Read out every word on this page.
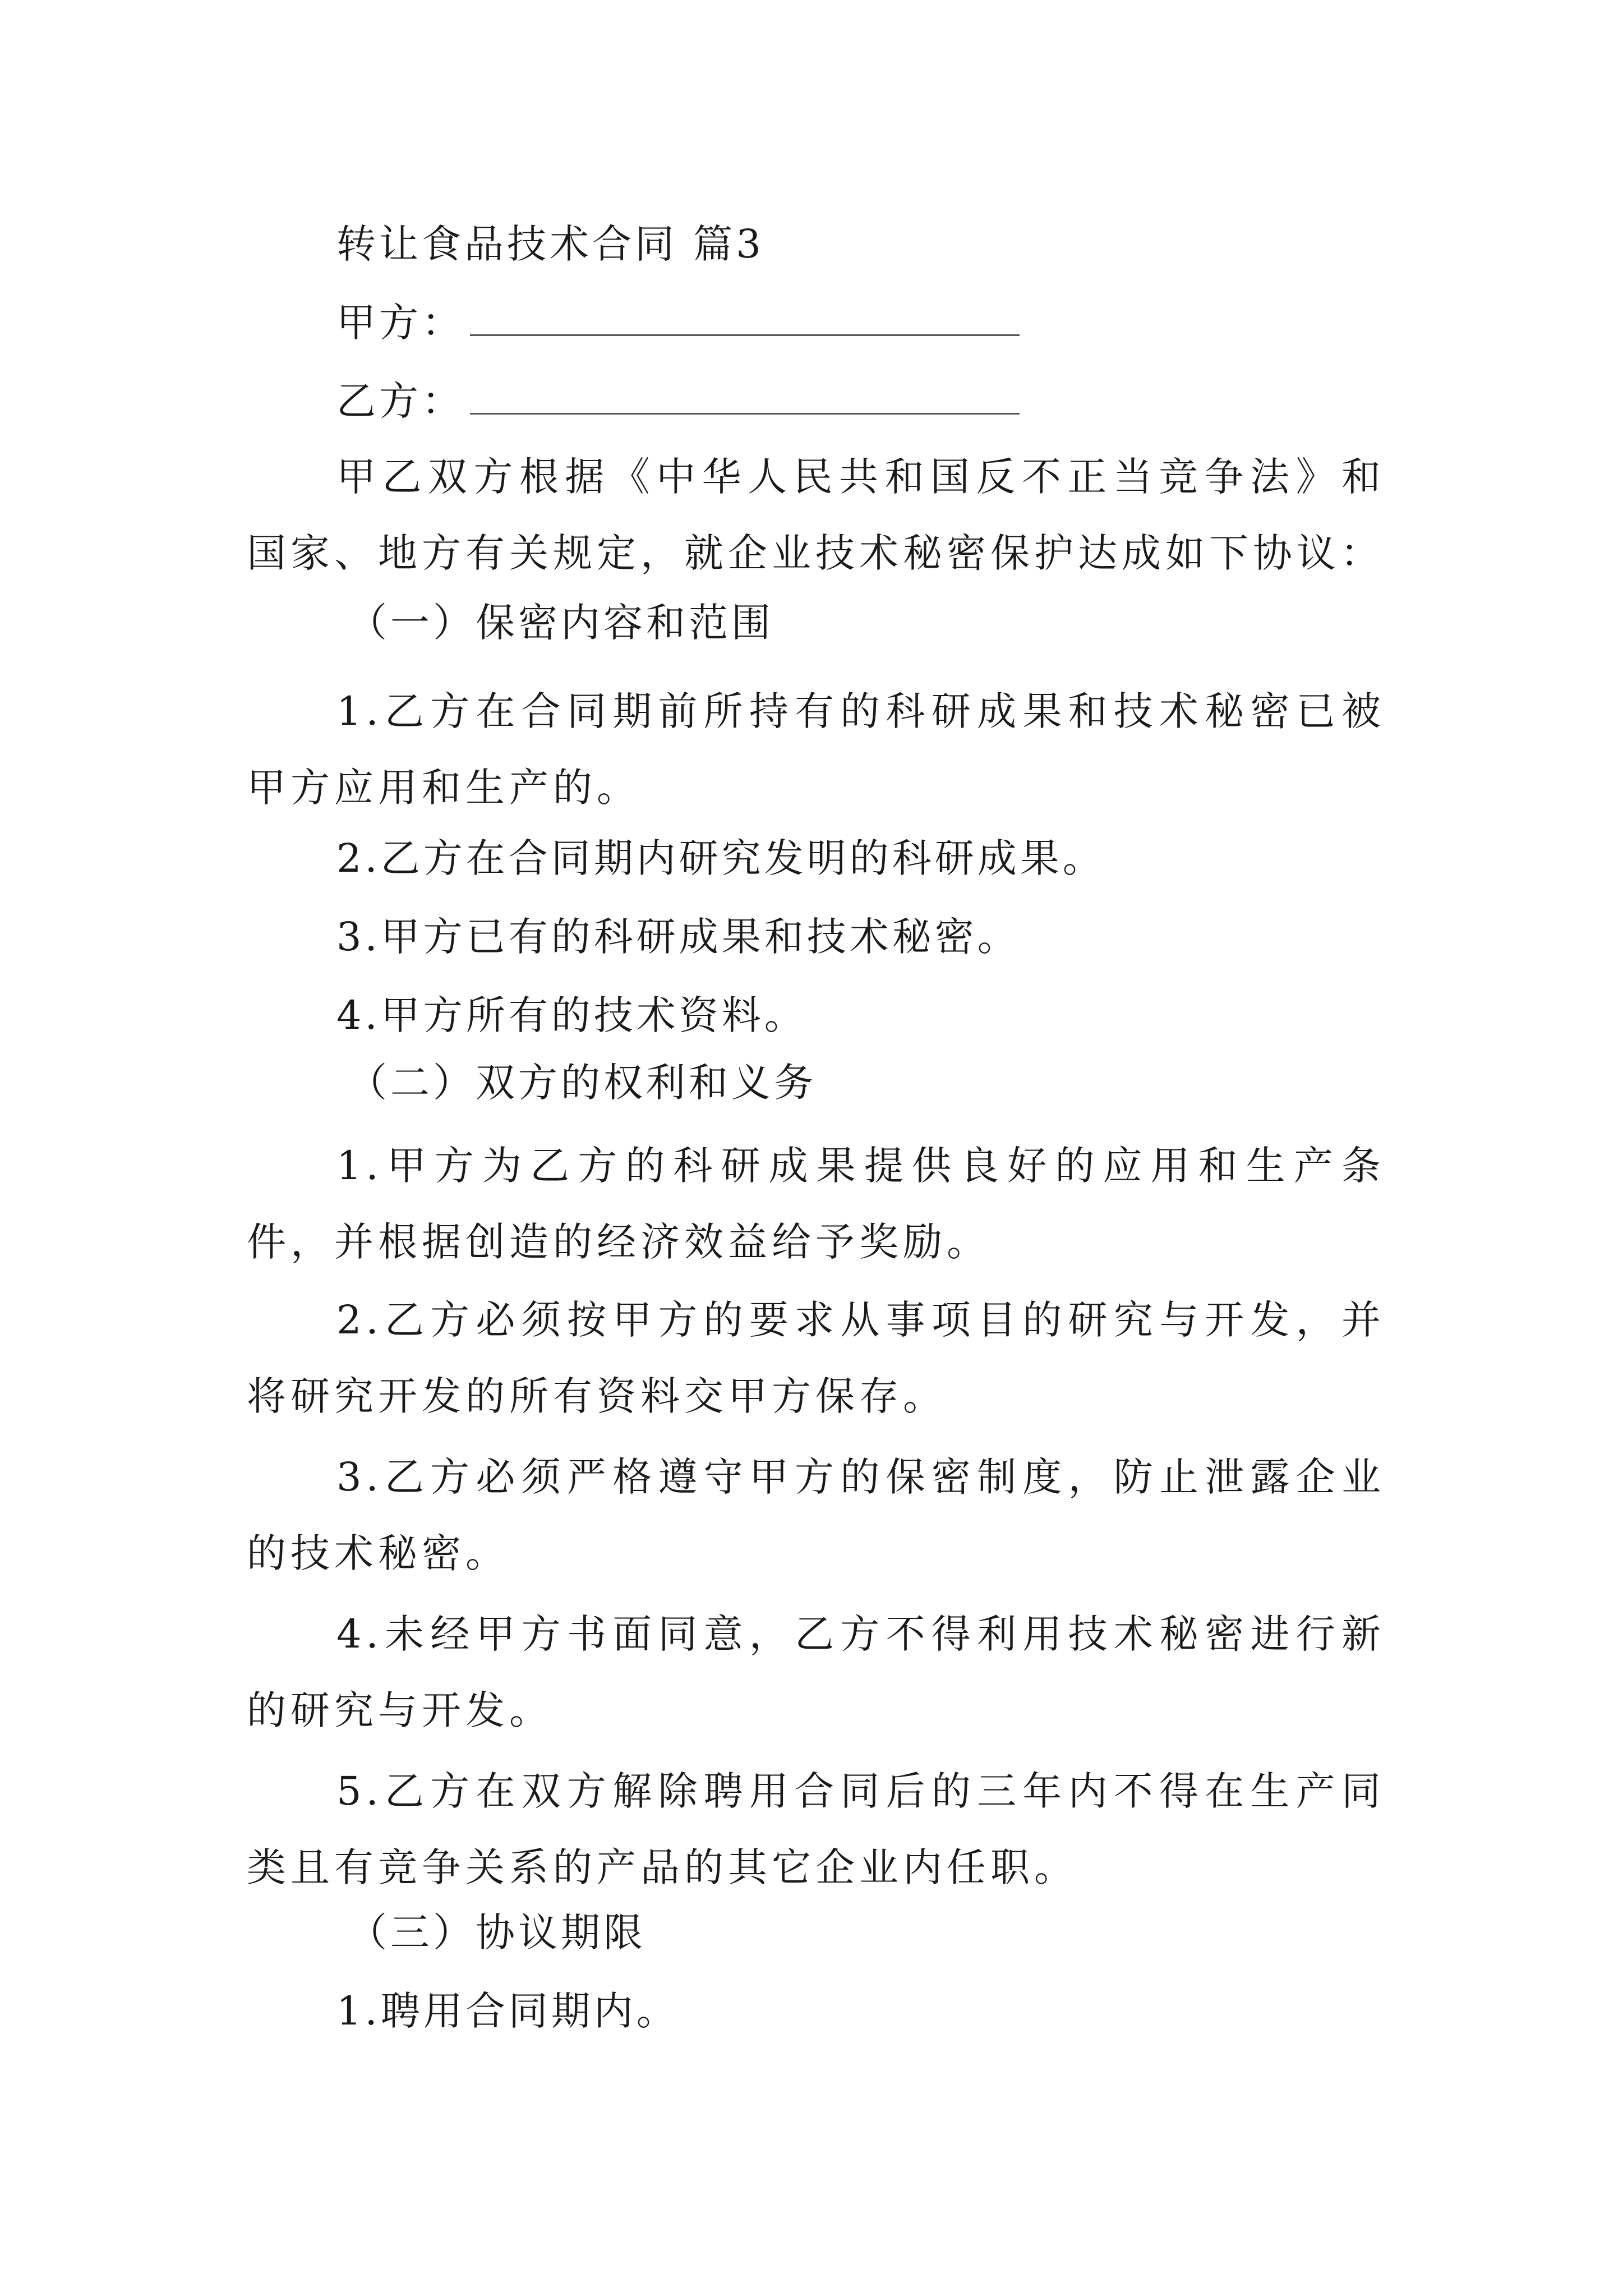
转让食品技术合同 篇3
甲方：
乙方：
甲乙双方根据《中华人民共和国反不正当竞争法》和国家、地方有关规定，就企业技术秘密保护达成如下协议：
（一）保密内容和范围
1.乙方在合同期前所持有的科研成果和技术秘密已被甲方应用和生产的。
2.乙方在合同期内研究发明的科研成果。
3.甲方已有的科研成果和技术秘密。
4.甲方所有的技术资料。
（二）双方的权利和义务
1.甲方为乙方的科研成果提供良好的应用和生产条件，并根据创造的经济效益给予奖励。
2.乙方必须按甲方的要求从事项目的研究与开发，并将研究开发的所有资料交甲方保存。
3.乙方必须严格遵守甲方的保密制度，防止泄露企业的技术秘密。
4.未经甲方书面同意，乙方不得利用技术秘密进行新的研究与开发。
5.乙方在双方解除聘用合同后的三年内不得在生产同类且有竞争关系的产品的其它企业内任职。
（三）协议期限
1.聘用合同期内。
